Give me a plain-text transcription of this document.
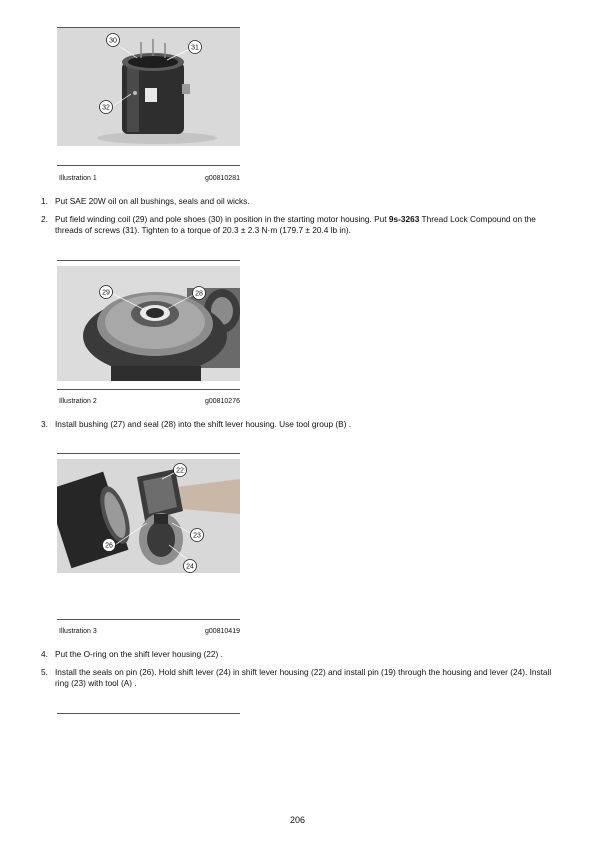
30
31
32
Illustration 1	g00810281
1. Put SAE 20W oil on all bushings, seals and oil wicks.
2. Put field winding coil (29) and pole shoes (30) in position in the starting motor housing. Put 9s-3263 Thread Lock Compound on the threads of screws (31). Tighten to a torque of 20.3 ± 2.3 N·m (179.7 ± 20.4 lb in).
29	28
Illustration 2	g00810276
3. Install bushing (27) and seal (28) into the shift lever housing. Use tool group (B) .
22
23
26
24
Illustration 3	g00810419
4. Put the O-ring on the shift lever housing (22) .
5. Install the seals on pin (26). Hold shift lever (24) in shift lever housing (22) and install pin (19) through the housing and lever (24). Install ring (23) with tool (A) .
206
